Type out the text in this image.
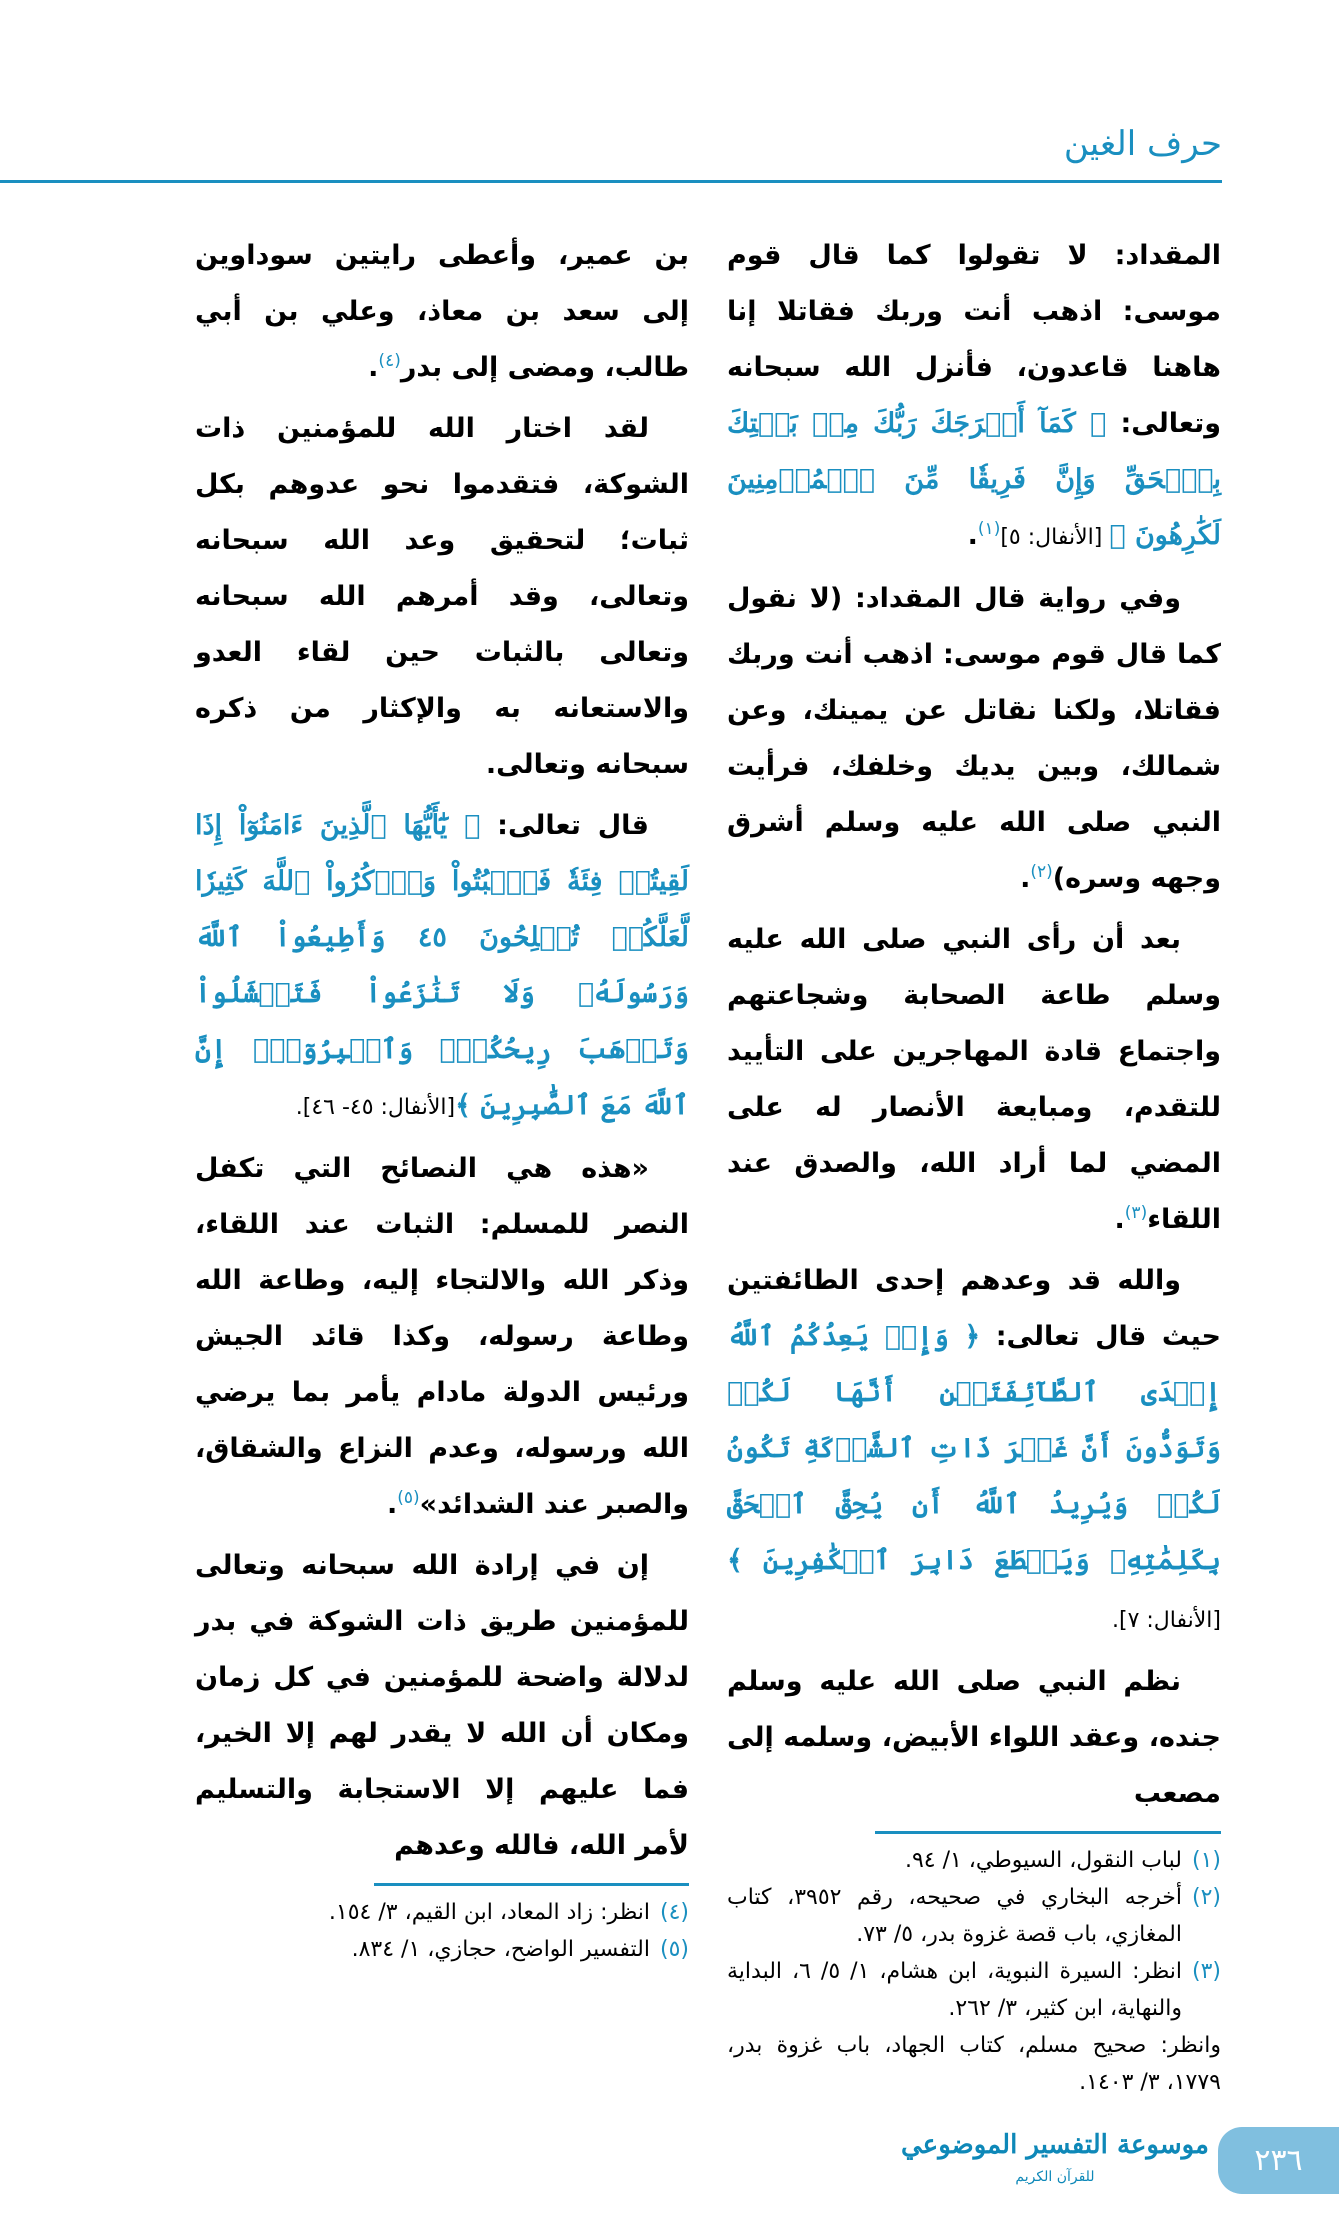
حرف الغين

بن عمير، وأعطى رايتين سوداوين إلى سعد بن معاذ، وعلي بن أبي طالب، ومضى إلى بدر$^{(٤)}$.

لقد اختار الله للمؤمنين ذات الشوكة، فتقدموا نحو عدوهم بكل ثبات؛ لتحقيق وعد الله سبحانه وتعالى، وقد أمرهم الله سبحانه وتعالى بالثبات حين لقاء العدو والاستعانه به والإكثار من ذكره سبحانه وتعالى.

قال تعالى: ﴿ يَٰٓأَيُّهَا ٱلَّذِينَ ءَامَنُوٓاْ إِذَا لَقِيتُمۡ فِئَةٗ فَٱثۡبُتُواْ وَٱذۡكُرُواْ ٱللَّهَ كَثِيرٗا لَّعَلَّكُمۡ تُفۡلِحُونَ ٤٥ وَأَطِيعُواْ ٱللَّهَ وَرَسُولَهُۥ وَلَا تَنَٰزَعُواْ فَتَفۡشَلُواْ وَتَذۡهَبَ رِيحُكُمۡۖ وَٱصۡبِرُوٓاْۚ إِنَّ ٱللَّهَ مَعَ ٱلصَّٰبِرِينَ ﴾[الأنفال: ٤٥- ٤٦].

«هذه هي النصائح التي تكفل النصر للمسلم: الثبات عند اللقاء، وذكر الله والالتجاء إليه، وطاعة الله وطاعة رسوله، وكذا قائد الجيش ورئيس الدولة مادام يأمر بما يرضي الله ورسوله، وعدم النزاع والشقاق، والصبر عند الشدائد»$^{(٥)}$.

إن في إرادة الله سبحانه وتعالى للمؤمنين طريق ذات الشوكة في بدر لدلالة واضحة للمؤمنين في كل زمان ومكان أن الله لا يقدر لهم إلا الخير، فما عليهم إلا الاستجابة والتسليم لأمر الله، فالله وعدهم

(٤)
انظر: زاد المعاد، ابن القيم، ٣/ ١٥٤.
(٥)
التفسير الواضح، حجازي، ١/ ٨٣٤.

المقداد: لا تقولوا كما قال قوم موسى: اذهب أنت وربك فقاتلا إنا هاهنا قاعدون، فأنزل الله سبحانه وتعالى: ﴿ كَمَآ أَخۡرَجَكَ رَبُّكَ مِنۢ بَيۡتِكَ بِٱلۡحَقِّ وَإِنَّ فَرِيقٗا مِّنَ ٱلۡمُؤۡمِنِينَ لَكَٰرِهُونَ ﴾ [الأنفال: ٥]$^{(١)}$.

وفي رواية قال المقداد: (لا نقول كما قال قوم موسى: اذهب أنت وربك فقاتلا، ولكنا نقاتل عن يمينك، وعن شمالك، وبين يديك وخلفك، فرأيت النبي صلى الله عليه وسلم أشرق وجهه وسره)$^{(٢)}$.

بعد أن رأى النبي صلى الله عليه وسلم طاعة الصحابة وشجاعتهم واجتماع قادة المهاجرين على التأييد للتقدم، ومبايعة الأنصار له على المضي لما أراد الله، والصدق عند اللقاء$^{(٣)}$.

والله قد وعدهم إحدى الطائفتين حيث قال تعالى: ﴿ وَإِذۡ يَعِدُكُمُ ٱللَّهُ إِحۡدَى ٱلطَّآئِفَتَيۡنِ أَنَّهَا لَكُمۡ وَتَوَدُّونَ أَنَّ غَيۡرَ ذَاتِ ٱلشَّوۡكَةِ تَكُونُ لَكُمۡ وَيُرِيدُ ٱللَّهُ أَن يُحِقَّ ٱلۡحَقَّ بِكَلِمَٰتِهِۦ وَيَقۡطَعَ دَابِرَ ٱلۡكَٰفِرِينَ ﴾ [الأنفال: ٧].

نظم النبي صلى الله عليه وسلم جنده، وعقد اللواء الأبيض، وسلمه إلى مصعب

(١)
لباب النقول، السيوطي، ١/ ٩٤.
(٢)
أخرجه البخاري في صحيحه، رقم ٣٩٥٢، كتاب المغازي، باب قصة غزوة بدر، ٥/ ٧٣.
(٣)
انظر: السيرة النبوية، ابن هشام، ١/ ٥/ ٦، البداية والنهاية، ابن كثير، ٣/ ٢٦٢.
وانظر: صحيح مسلم، كتاب الجهاد، باب غزوة بدر، ١٧٧٩، ٣/ ١٤٠٣.
موسوعة التفسير الموضوعي
للقرآن الكريم	٢٣٦
